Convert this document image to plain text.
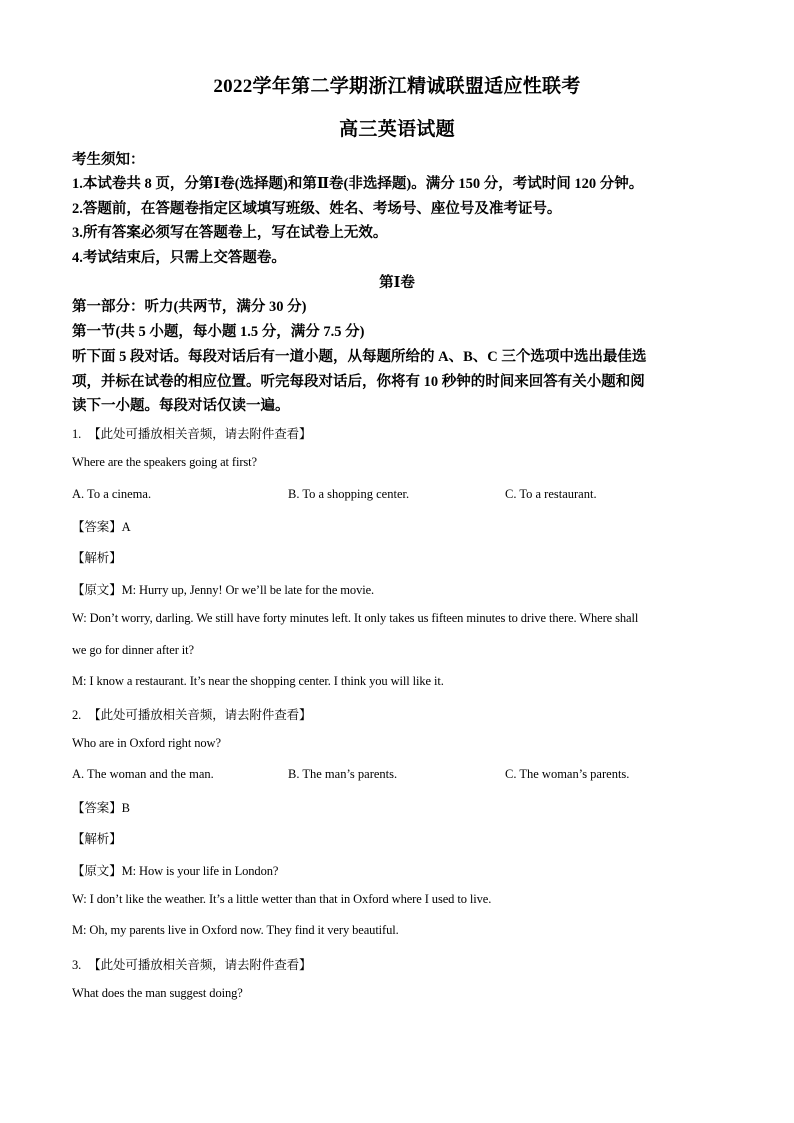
2022学年第二学期浙江精诚联盟适应性联考
高三英语试题
考生须知：
1.本试卷共 8 页，分第Ⅰ卷(选择题)和第Ⅱ卷(非选择题)。满分 150 分，考试时间 120 分钟。
2.答题前，在答题卷指定区域填写班级、姓名、考场号、座位号及准考证号。
3.所有答案必须写在答题卷上，写在试卷上无效。
4.考试结束后，只需上交答题卷。
第Ⅰ卷
第一部分：听力(共两节，满分 30 分)
第一节(共 5 小题，每小题 1.5 分，满分 7.5 分)
听下面 5 段对话。每段对话后有一道小题，从每题所给的 A、B、C 三个选项中选出最佳选
项，并标在试卷的相应位置。听完每段对话后，你将有 10 秒钟的时间来回答有关小题和阅
读下一小题。每段对话仅读一遍。
1. 【此处可播放相关音频，请去附件查看】
Where are the speakers going at first?
A. To a cinema.	B. To a shopping center.	C. To a restaurant.
【答案】A
【解析】
【原文】M: Hurry up, Jenny! Or we’ll be late for the movie.
W: Don’t worry, darling. We still have forty minutes left. It only takes us fifteen minutes to drive there. Where shall
we go for dinner after it?
M: I know a restaurant. It’s near the shopping center. I think you will like it.
2. 【此处可播放相关音频，请去附件查看】
Who are in Oxford right now?
A. The woman and the man.	B. The man’s parents.	C. The woman’s parents.
【答案】B
【解析】
【原文】M: How is your life in London?
W: I don’t like the weather. It’s a little wetter than that in Oxford where I used to live.
M: Oh, my parents live in Oxford now. They find it very beautiful.
3. 【此处可播放相关音频，请去附件查看】
What does the man suggest doing?
